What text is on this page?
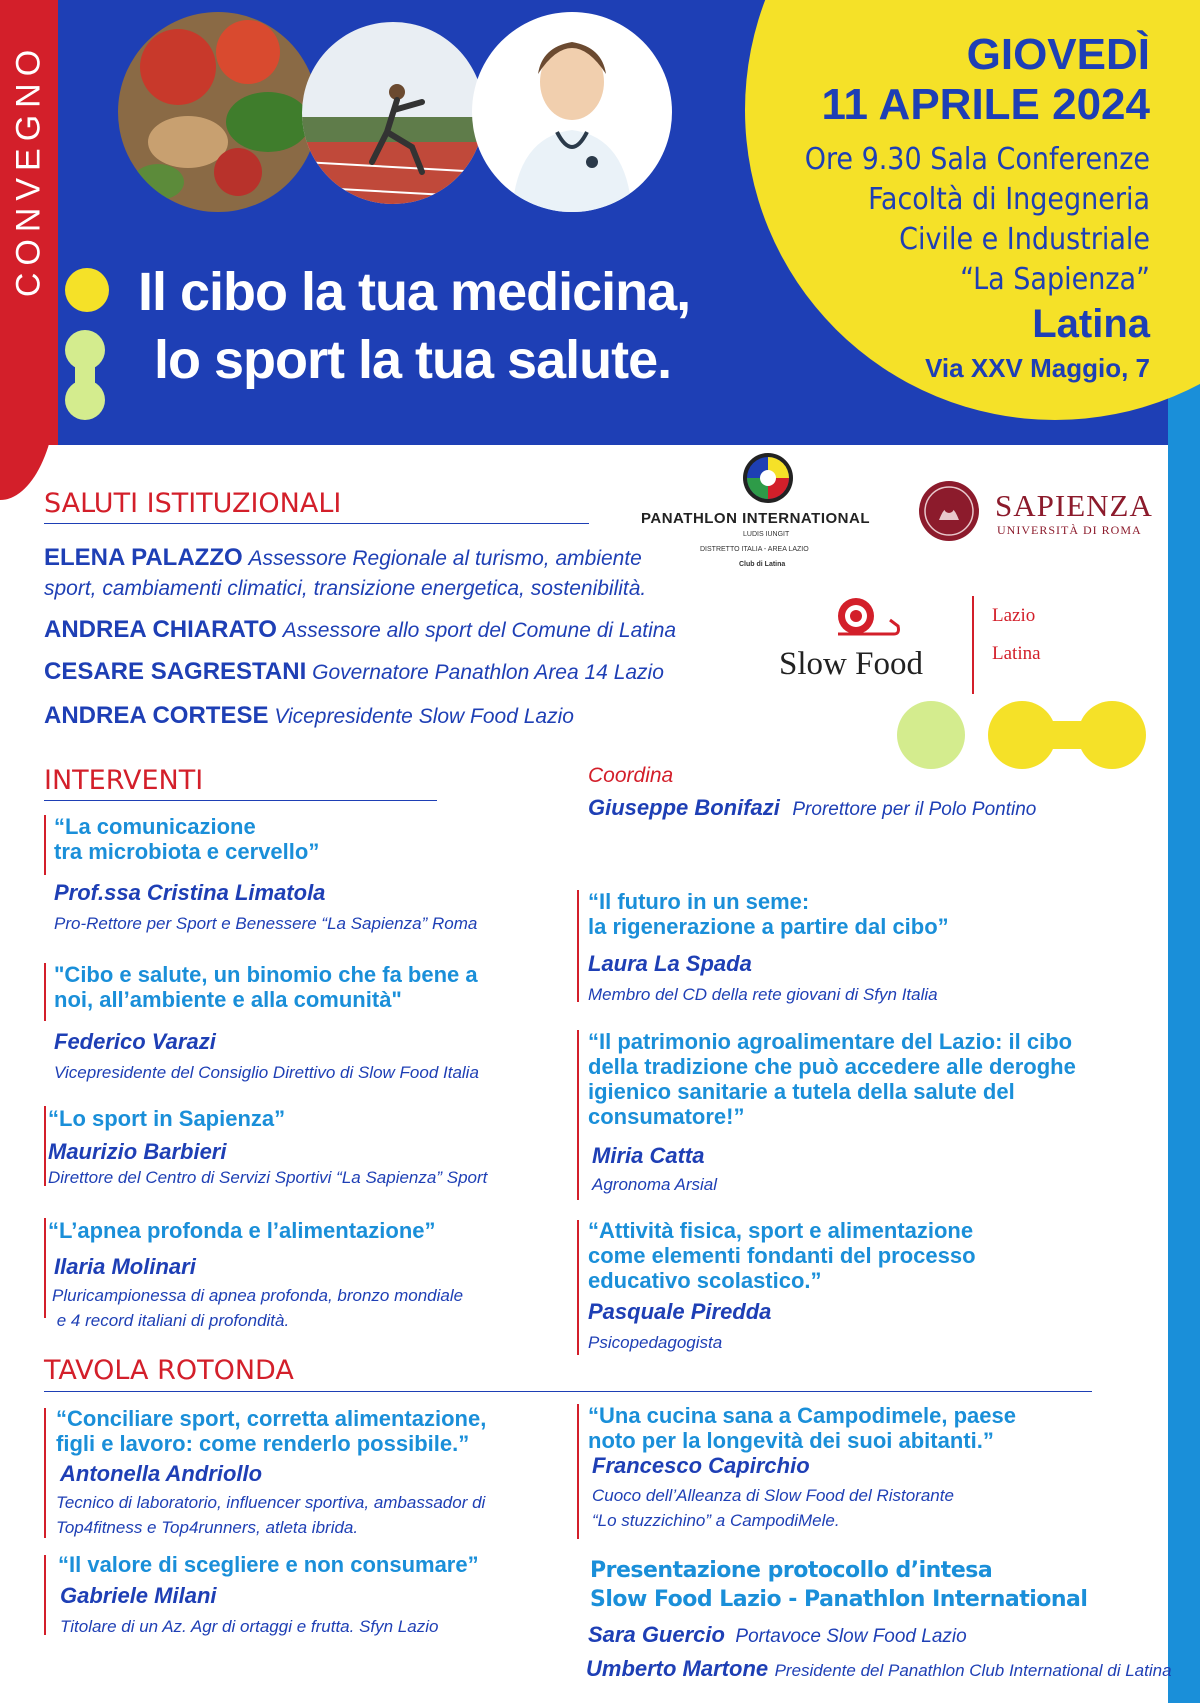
CONVEGNO	GIOVEDÌ
11 APRILE 2024
Ore 9.30 Sala Conferenze
Facoltà di Ingegneria
Civile e Industriale
“La Sapienza”
Latina
Via XXV Maggio, 7
Il cibo la tua medicina,
lo sport la tua salute.
SALUTI ISTITUZIONALI
ELENA PALAZZO Assessore Regionale al turismo, ambiente
sport, cambiamenti climatici, transizione energetica, sostenibilità.
ANDREA CHIARATO Assessore allo sport del Comune di Latina
CESARE SAGRESTANI Governatore Panathlon Area 14 Lazio
ANDREA CORTESE Vicepresidente Slow Food Lazio
PANATHLON INTERNATIONAL
LUDIS IUNGIT
DISTRETTO ITALIA - AREA LAZIO
Club di Latina
SAPIENZA
UNIVERSITÀ DI ROMA
Slow Food
Lazio
Latina
INTERVENTI	Coordina
Giuseppe Bonifazi Prorettore per il Polo Pontino
“La comunicazione
tra microbiota e cervello”
Prof.ssa Cristina Limatola
Pro-Rettore per Sport e Benessere “La Sapienza” Roma
"Cibo e salute, un binomio che fa bene a
noi, all’ambiente e alla comunità"
Federico Varazi
Vicepresidente del Consiglio Direttivo di Slow Food Italia
“Lo sport in Sapienza”
Maurizio Barbieri
Direttore del Centro di Servizi Sportivi “La Sapienza” Sport
“L’apnea profonda e l’alimentazione”
Ilaria Molinari
Pluricampionessa di apnea profonda, bronzo mondiale
e 4 record italiani di profondità.
“Il futuro in un seme:
la rigenerazione a partire dal cibo”
Laura La Spada
Membro del CD della rete giovani di Sfyn Italia
“Il patrimonio agroalimentare del Lazio: il cibo
della tradizione che può accedere alle deroghe
igienico sanitarie a tutela della salute del
consumatore!”
Miria Catta
Agronoma Arsial
“Attività fisica, sport e alimentazione
come elementi fondanti del processo
educativo scolastico.”
Pasquale Piredda
Psicopedagogista
TAVOLA ROTONDA
“Conciliare sport, corretta alimentazione,
figli e lavoro: come renderlo possibile.”
Antonella Andriollo
Tecnico di laboratorio, influencer sportiva, ambassador di
Top4fitness e Top4runners, atleta ibrida.
“Il valore di scegliere e non consumare”
Gabriele Milani
Titolare di un Az. Agr di ortaggi e frutta. Sfyn Lazio
“Una cucina sana a Campodimele, paese
noto per la longevità dei suoi abitanti.”
Francesco Capirchio
Cuoco dell’Alleanza di Slow Food del Ristorante
“Lo stuzzichino” a CampodiMele.
Presentazione protocollo d’intesa
Slow Food Lazio - Panathlon International
Sara Guercio Portavoce Slow Food Lazio
Umberto Martone Presidente del Panathlon Club International di Latina
